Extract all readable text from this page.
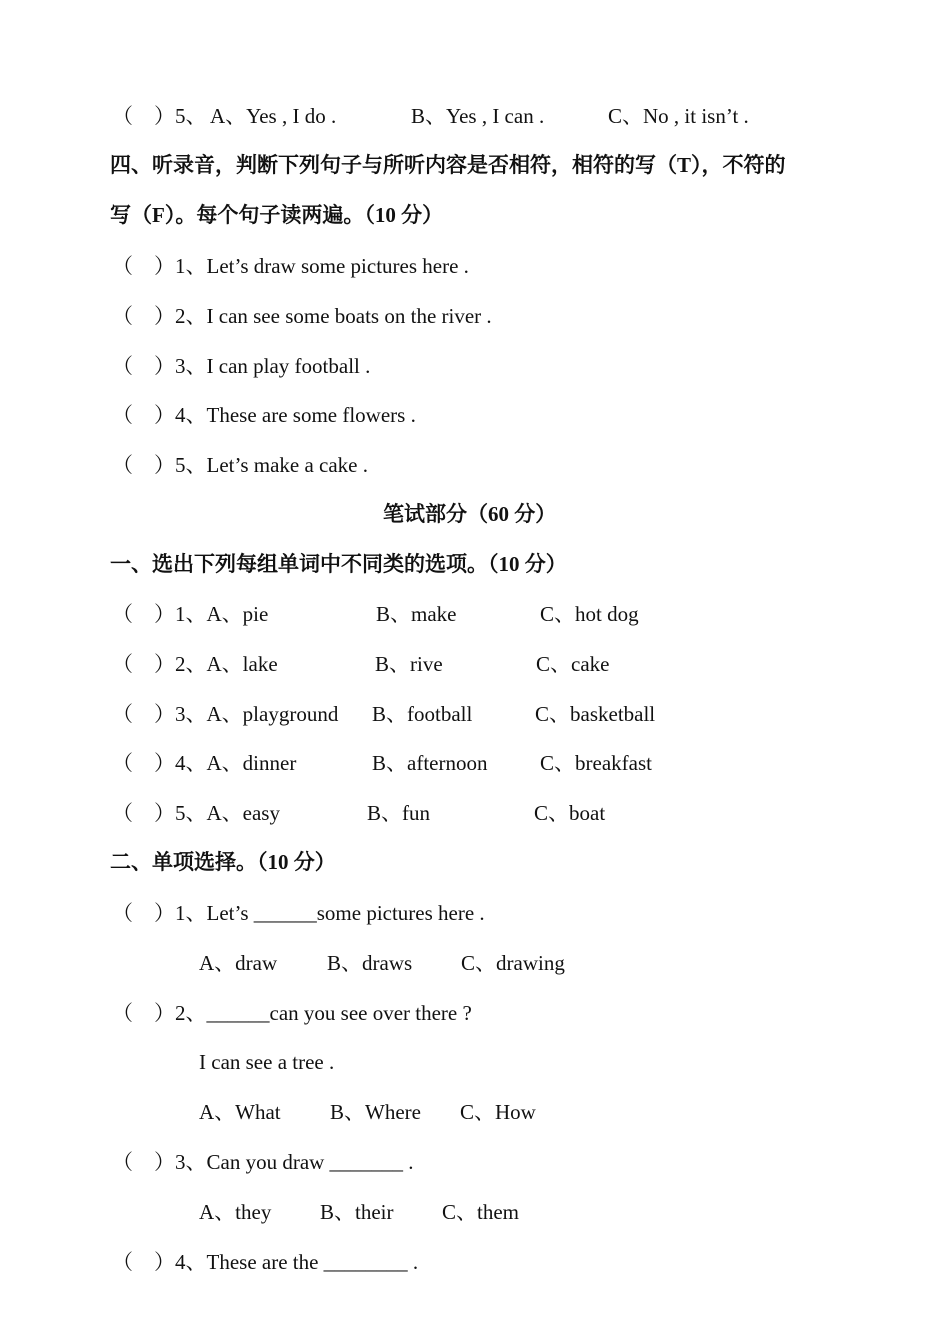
（　）5、 A、Yes , I do .	B、Yes , I can .	C、No , it isn’t .
四、听录音，判断下列句子与所听内容是否相符，相符的写（T），不符的
写（F）。每个句子读两遍。（10 分）
（　）1、Let’s draw some pictures here .
（　）2、I can see some boats on the river .
（　）3、I can play football .
（　）4、These are some flowers .
（　）5、Let’s make a cake .
笔试部分（60 分）
一、选出下列每组单词中不同类的选项。（10 分）
（　）1、A、pie	B、make	C、hot dog
（　）2、A、lake	B、rive	C、cake
（　）3、A、playground B、football	C、basketball
（　）4、A、dinner	B、afternoon	C、breakfast
（　）5、A、easy	B、fun	C、boat
二、单项选择。（10 分）
（　）1、Let’s ______some pictures here .
A、draw B、draws C、drawing
（　）2、______can you see over there ?
I can see a tree .
A、What B、Where C、How
（　）3、Can you draw _______ .
A、they B、their C、them
（　）4、These are the ________ .
